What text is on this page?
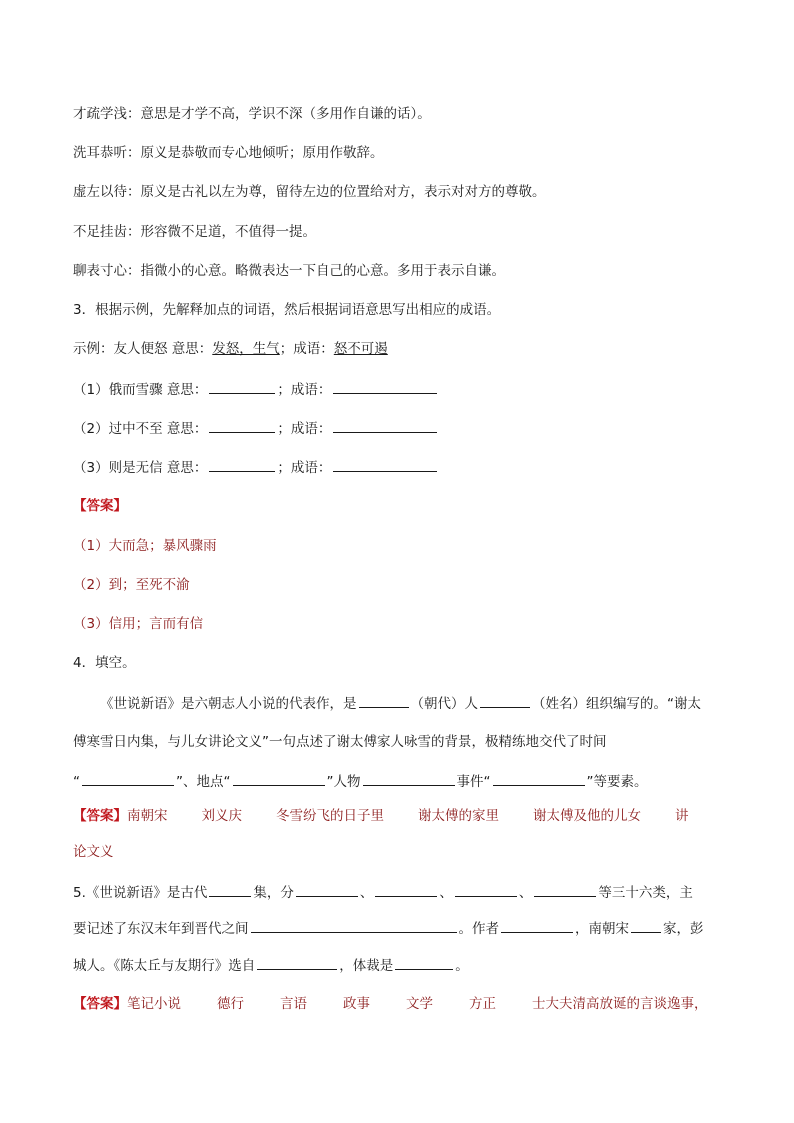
才疏学浅：意思是才学不高，学识不深（多用作自谦的话）。
洗耳恭听：原义是恭敬而专心地倾听；原用作敬辞。
虚左以待：原义是古礼以左为尊，留待左边的位置给对方，表示对对方的尊敬。
不足挂齿：形容微不足道，不值得一提。
聊表寸心：指微小的心意。略微表达一下自己的心意。多用于表示自谦。
3．根据示例，先解释加点的词语，然后根据词语意思写出相应的成语。
示例：友人便怒 意思：发怒，生气；成语：怒不可遏
（1）俄而雪骤 意思：	；成语：
（2）过中不至 意思：	；成语：
（3）则是无信 意思：	；成语：
【答案】
（1）大而急；暴风骤雨
（2）到；至死不渝
（3）信用；言而有信
4．填空。
《世说新语》是六朝志人小说的代表作，是	（朝代）人	（姓名）组织编写的。“谢太
傅寒雪日内集，与儿女讲论文义”一句点述了谢太傅家人咏雪的背景，极精练地交代了时间
“	”、地点“	”人物	事件“	”等要素。
【答案】南朝宋	刘义庆	冬雪纷飞的日子里	谢太傅的家里	谢太傅及他的儿女	讲
论文义
5.《世说新语》是古代	集，分	、	、	、	等三十六类，主
要记述了东汉末年到晋代之间	。作者	，南朝宋	家，彭
城人。《陈太丘与友期行》选自	，体裁是	。
【答案】笔记小说	德行	言语	政事	文学	方正	士大夫清高放诞的言谈逸事，
